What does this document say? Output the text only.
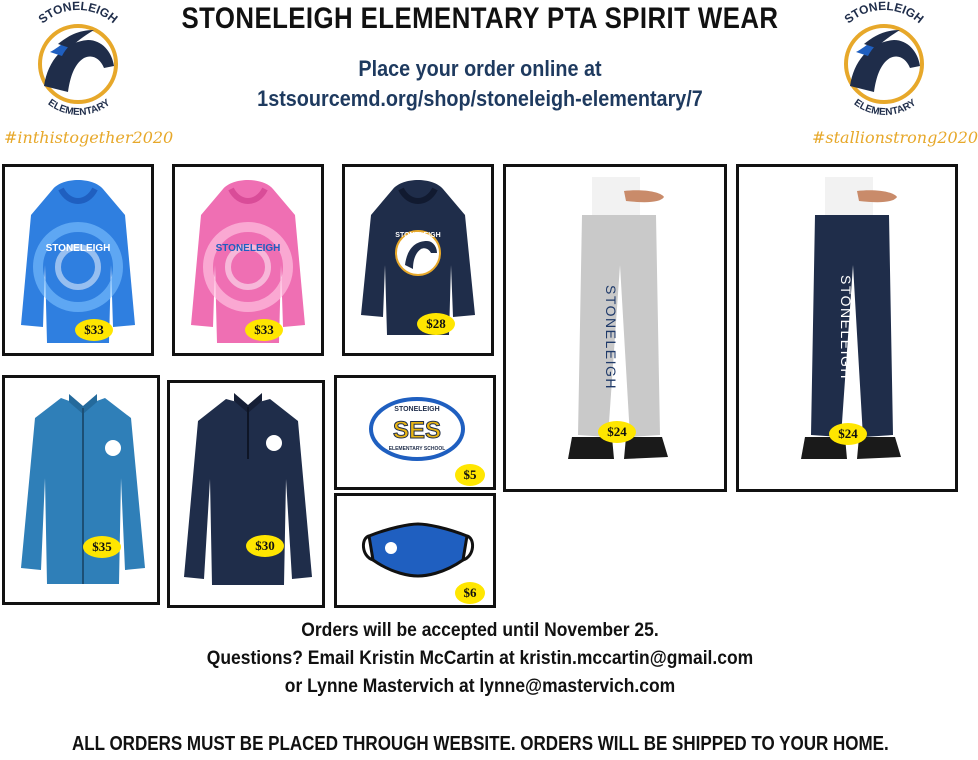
STONELEIGH ELEMENTARY PTA SPIRIT WEAR
Place your order online at
1stsourcemd.org/shop/stoneleigh-elementary/7
STONELEIGH
ELEMENTARY
#inthistogether2020
STONELEIGH
ELEMENTARY
#stallionstrong2020
STONELEIGH
$33
STONELEIGH
$33
STONELEIGH
$28	STONELEIGH
$24
STONELEIGH
$24
$35	$30
STONELEIGH
SES
ELEMENTARY SCHOOL
$5
$6
Orders will be accepted until November 25.
Questions? Email Kristin McCartin at kristin.mccartin@gmail.com
or Lynne Mastervich at lynne@mastervich.com
ALL ORDERS MUST BE PLACED THROUGH WEBSITE. ORDERS WILL BE SHIPPED TO YOUR HOME.
